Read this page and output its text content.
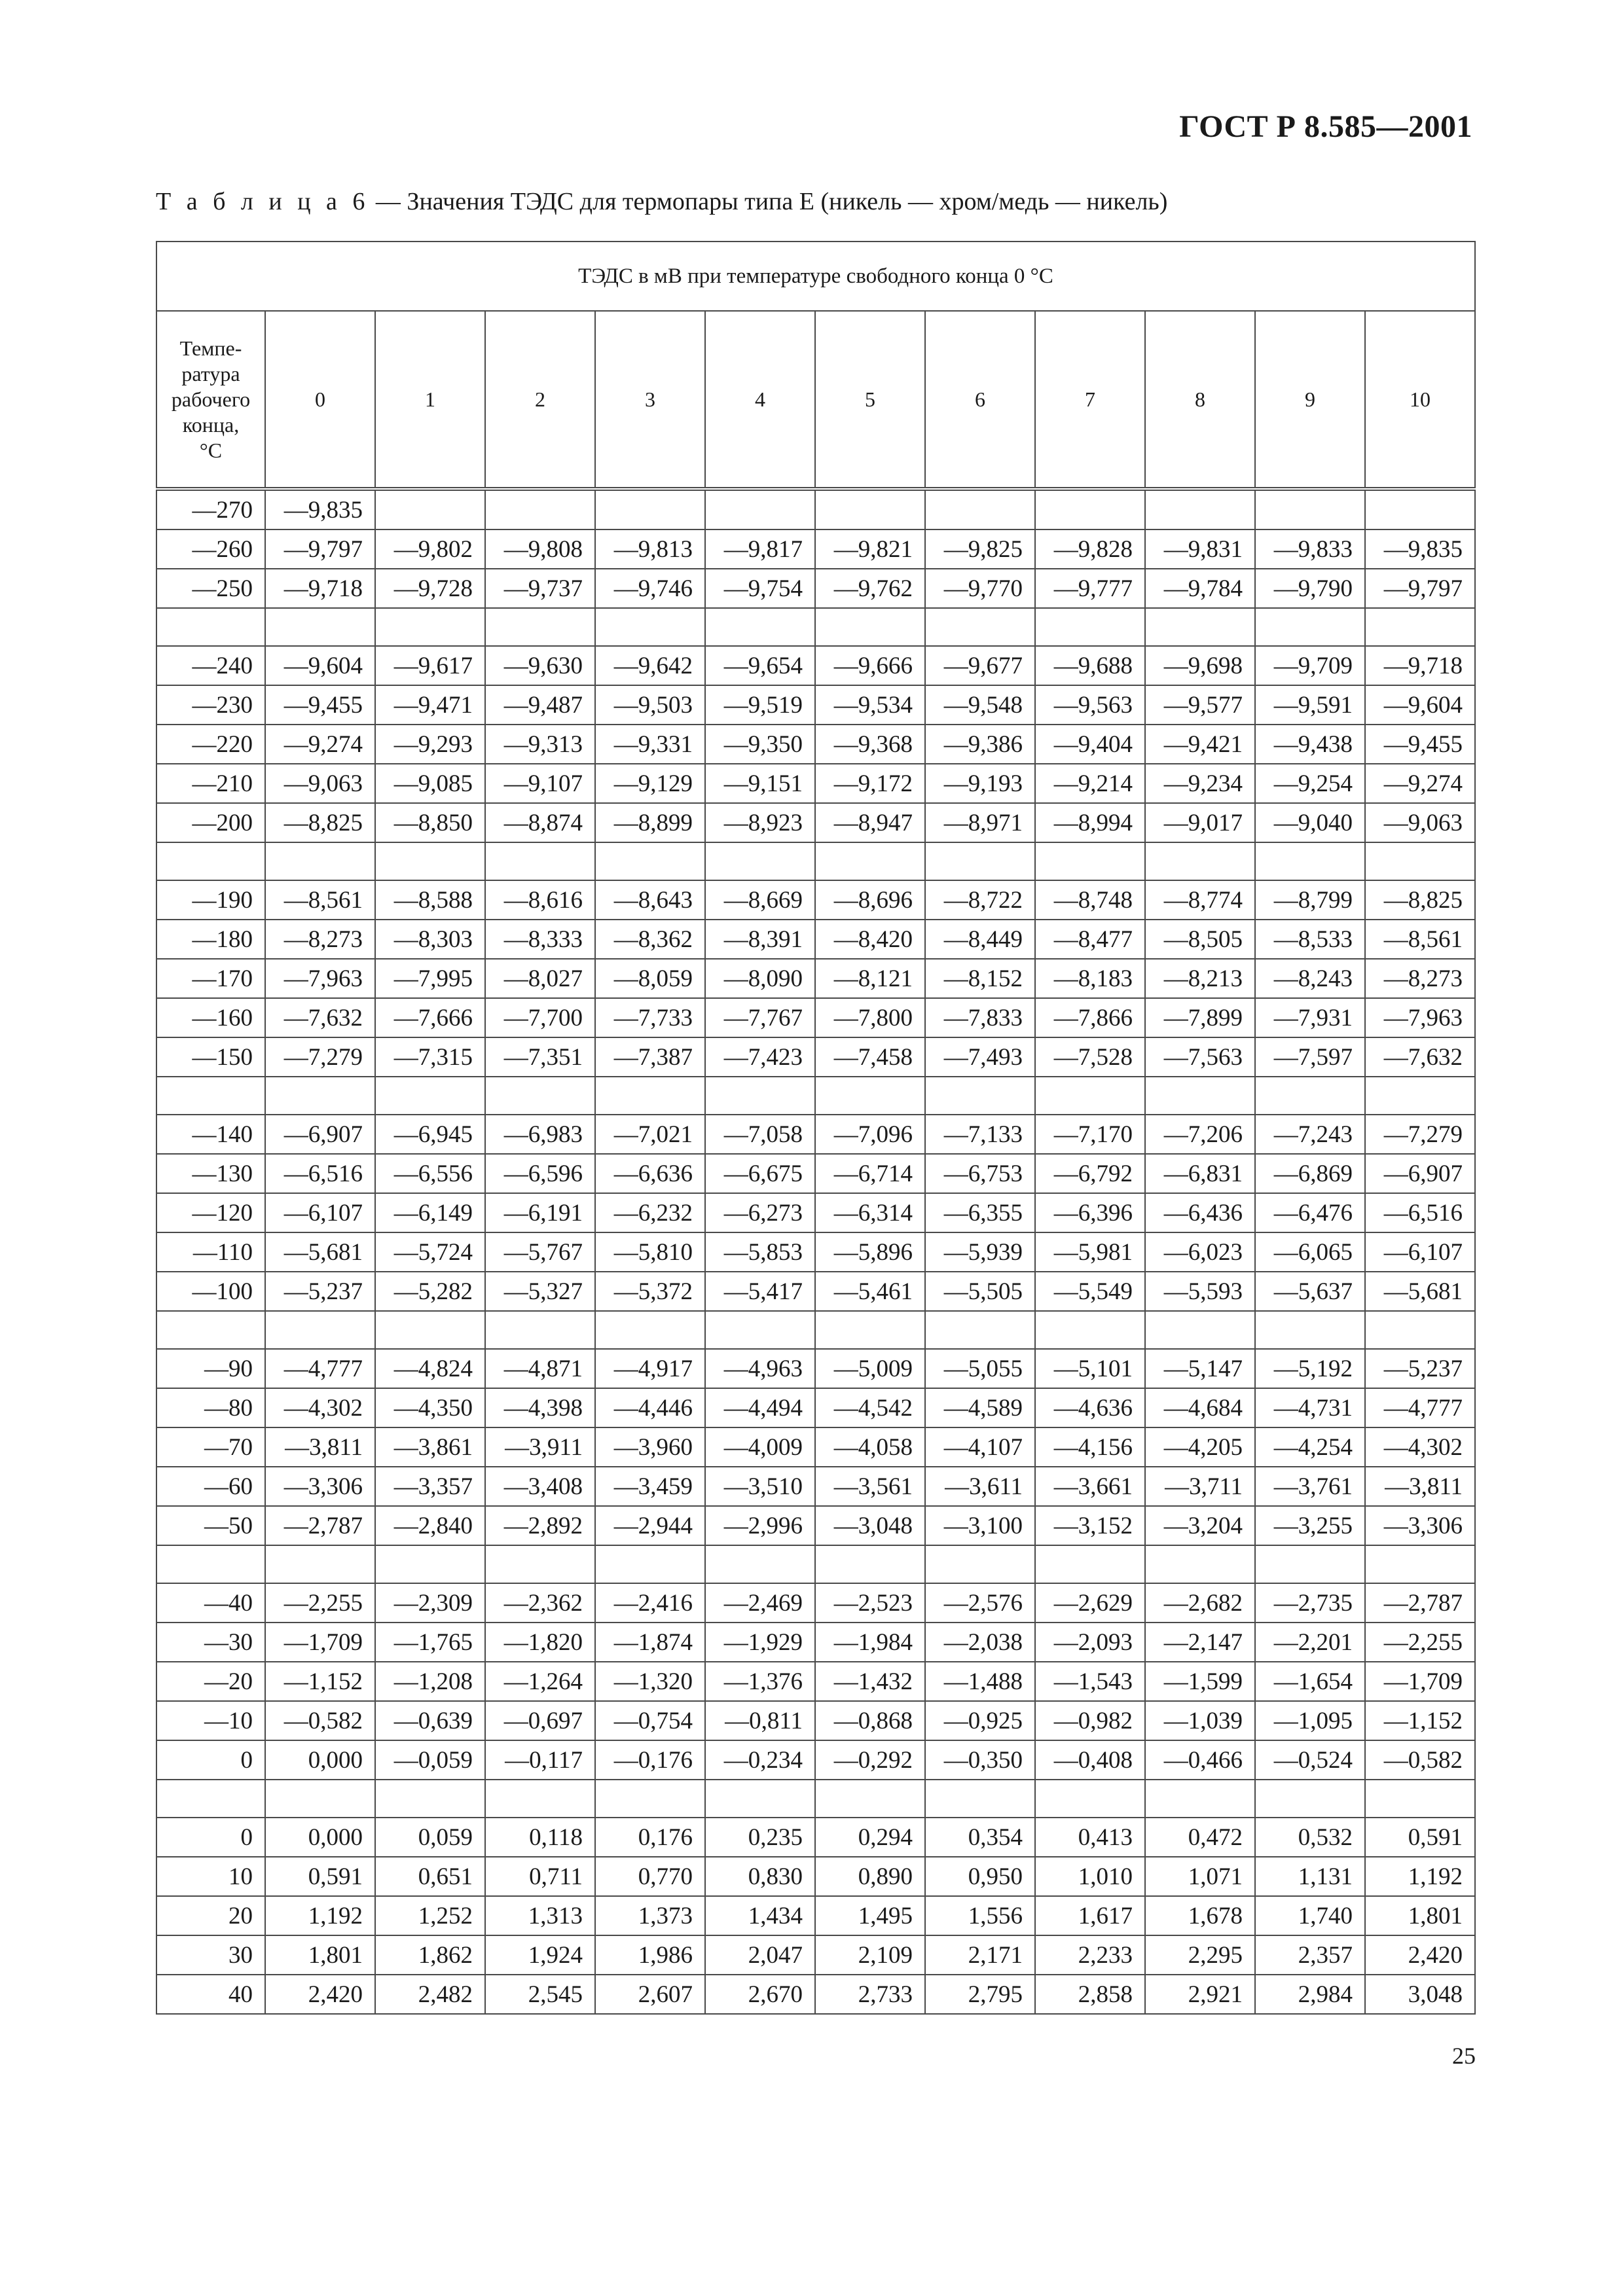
ГОСТ Р 8.585—2001
Т а б л и ц а 6 — Значения ТЭДС для термопары типа Е (никель — хром/медь — никель)
ТЭДС в мВ при температуре свободного конца 0 °С											
Темпе-
ратура
рабочего
конца,
°С	0	1	2	3	4	5	6	7	8	9	10
—270	—9,835										
—260	—9,797	—9,802	—9,808	—9,813	—9,817	—9,821	—9,825	—9,828	—9,831	—9,833	—9,835
—250	—9,718	—9,728	—9,737	—9,746	—9,754	—9,762	—9,770	—9,777	—9,784	—9,790	—9,797

—240	—9,604	—9,617	—9,630	—9,642	—9,654	—9,666	—9,677	—9,688	—9,698	—9,709	—9,718
—230	—9,455	—9,471	—9,487	—9,503	—9,519	—9,534	—9,548	—9,563	—9,577	—9,591	—9,604
—220	—9,274	—9,293	—9,313	—9,331	—9,350	—9,368	—9,386	—9,404	—9,421	—9,438	—9,455
—210	—9,063	—9,085	—9,107	—9,129	—9,151	—9,172	—9,193	—9,214	—9,234	—9,254	—9,274
—200	—8,825	—8,850	—8,874	—8,899	—8,923	—8,947	—8,971	—8,994	—9,017	—9,040	—9,063

—190	—8,561	—8,588	—8,616	—8,643	—8,669	—8,696	—8,722	—8,748	—8,774	—8,799	—8,825
—180	—8,273	—8,303	—8,333	—8,362	—8,391	—8,420	—8,449	—8,477	—8,505	—8,533	—8,561
—170	—7,963	—7,995	—8,027	—8,059	—8,090	—8,121	—8,152	—8,183	—8,213	—8,243	—8,273
—160	—7,632	—7,666	—7,700	—7,733	—7,767	—7,800	—7,833	—7,866	—7,899	—7,931	—7,963
—150	—7,279	—7,315	—7,351	—7,387	—7,423	—7,458	—7,493	—7,528	—7,563	—7,597	—7,632

—140	—6,907	—6,945	—6,983	—7,021	—7,058	—7,096	—7,133	—7,170	—7,206	—7,243	—7,279
—130	—6,516	—6,556	—6,596	—6,636	—6,675	—6,714	—6,753	—6,792	—6,831	—6,869	—6,907
—120	—6,107	—6,149	—6,191	—6,232	—6,273	—6,314	—6,355	—6,396	—6,436	—6,476	—6,516
—110	—5,681	—5,724	—5,767	—5,810	—5,853	—5,896	—5,939	—5,981	—6,023	—6,065	—6,107
—100	—5,237	—5,282	—5,327	—5,372	—5,417	—5,461	—5,505	—5,549	—5,593	—5,637	—5,681

—90	—4,777	—4,824	—4,871	—4,917	—4,963	—5,009	—5,055	—5,101	—5,147	—5,192	—5,237
—80	—4,302	—4,350	—4,398	—4,446	—4,494	—4,542	—4,589	—4,636	—4,684	—4,731	—4,777
—70	—3,811	—3,861	—3,911	—3,960	—4,009	—4,058	—4,107	—4,156	—4,205	—4,254	—4,302
—60	—3,306	—3,357	—3,408	—3,459	—3,510	—3,561	—3,611	—3,661	—3,711	—3,761	—3,811
—50	—2,787	—2,840	—2,892	—2,944	—2,996	—3,048	—3,100	—3,152	—3,204	—3,255	—3,306

—40	—2,255	—2,309	—2,362	—2,416	—2,469	—2,523	—2,576	—2,629	—2,682	—2,735	—2,787
—30	—1,709	—1,765	—1,820	—1,874	—1,929	—1,984	—2,038	—2,093	—2,147	—2,201	—2,255
—20	—1,152	—1,208	—1,264	—1,320	—1,376	—1,432	—1,488	—1,543	—1,599	—1,654	—1,709
—10	—0,582	—0,639	—0,697	—0,754	—0,811	—0,868	—0,925	—0,982	—1,039	—1,095	—1,152
0	0,000	—0,059	—0,117	—0,176	—0,234	—0,292	—0,350	—0,408	—0,466	—0,524	—0,582

0	0,000	0,059	0,118	0,176	0,235	0,294	0,354	0,413	0,472	0,532	0,591
10	0,591	0,651	0,711	0,770	0,830	0,890	0,950	1,010	1,071	1,131	1,192
20	1,192	1,252	1,313	1,373	1,434	1,495	1,556	1,617	1,678	1,740	1,801
30	1,801	1,862	1,924	1,986	2,047	2,109	2,171	2,233	2,295	2,357	2,420
40	2,420	2,482	2,545	2,607	2,670	2,733	2,795	2,858	2,921	2,984	3,048
25
